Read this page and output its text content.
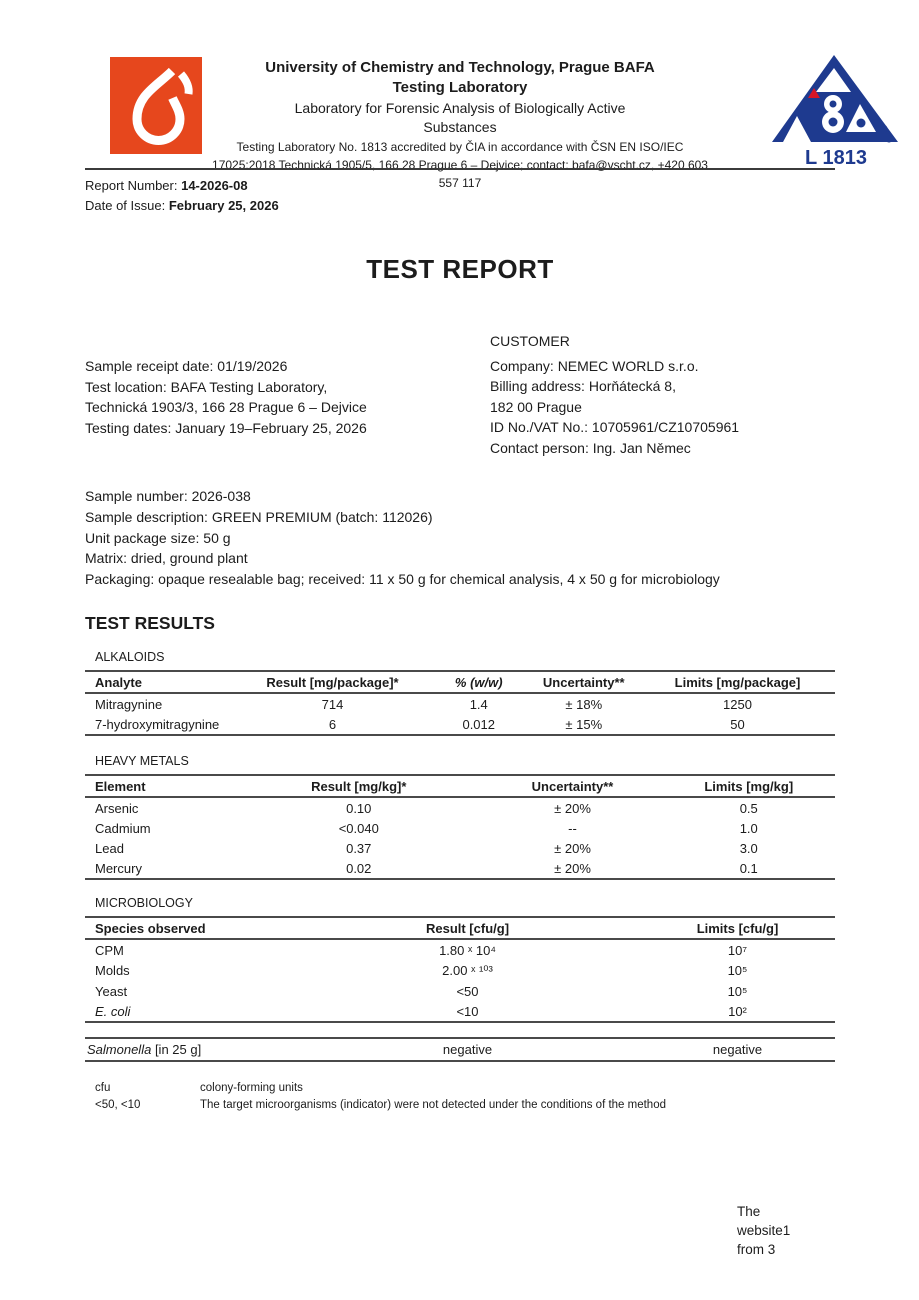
University of Chemistry and Technology, Prague BAFA
Testing Laboratory
Laboratory for Forensic Analysis of Biologically Active
Substances
Testing Laboratory No. 1813 accredited by ČIA in accordance with ČSN EN ISO/IEC
17025:2018 Technická 1905/5, 166 28 Prague 6 – Dejvice; contact: bafa@vscht.cz, +420 603
557 117
L 1813
Report Number: 14-2026-08
Date of Issue: February 25, 2026
TEST REPORT
Sample receipt date: 01/19/2026
Test location: BAFA Testing Laboratory,
Technická 1903/3, 166 28 Prague 6 – Dejvice
Testing dates: January 19–February 25, 2026
CUSTOMER
Company: NEMEC WORLD s.r.o.
Billing address: Horňátecká 8,
182 00 Prague
ID No./VAT No.: 10705961/CZ10705961
Contact person: Ing. Jan Němec
Sample number: 2026-038
Sample description: GREEN PREMIUM (batch: 112026)
Unit package size: 50 g
Matrix: dried, ground plant
Packaging: opaque resealable bag; received: 11 x 50 g for chemical analysis, 4 x 50 g for microbiology
TEST RESULTS
ALKALOIDS
Analyte	Result [mg/package]*	% (w/w)	Uncertainty**	Limits [mg/package]
Mitragynine	714	1.4	± 18%	1250
7-hydroxymitragynine	6	0.012	± 15%	50
HEAVY METALS
Element	Result [mg/kg]*	Uncertainty**	Limits [mg/kg]
Arsenic	0.10	± 20%	0.5
Cadmium	<0.040	--	1.0
Lead	0.37	± 20%	3.0
Mercury	0.02	± 20%	0.1
MICROBIOLOGY
Species observed	Result [cfu/g]	Limits [cfu/g]
CPM	1.80 ˣ 10⁴	10⁷
Molds	2.00 ˣ ¹⁰³	10⁵
Yeast	<50	10⁵
E. coli	<10	10²
Salmonella [in 25 g]	negative	negative
cfu	colony-forming units
<50, <10	The target microorganisms (indicator) were not detected under the conditions of the method
The
website1
from 3
